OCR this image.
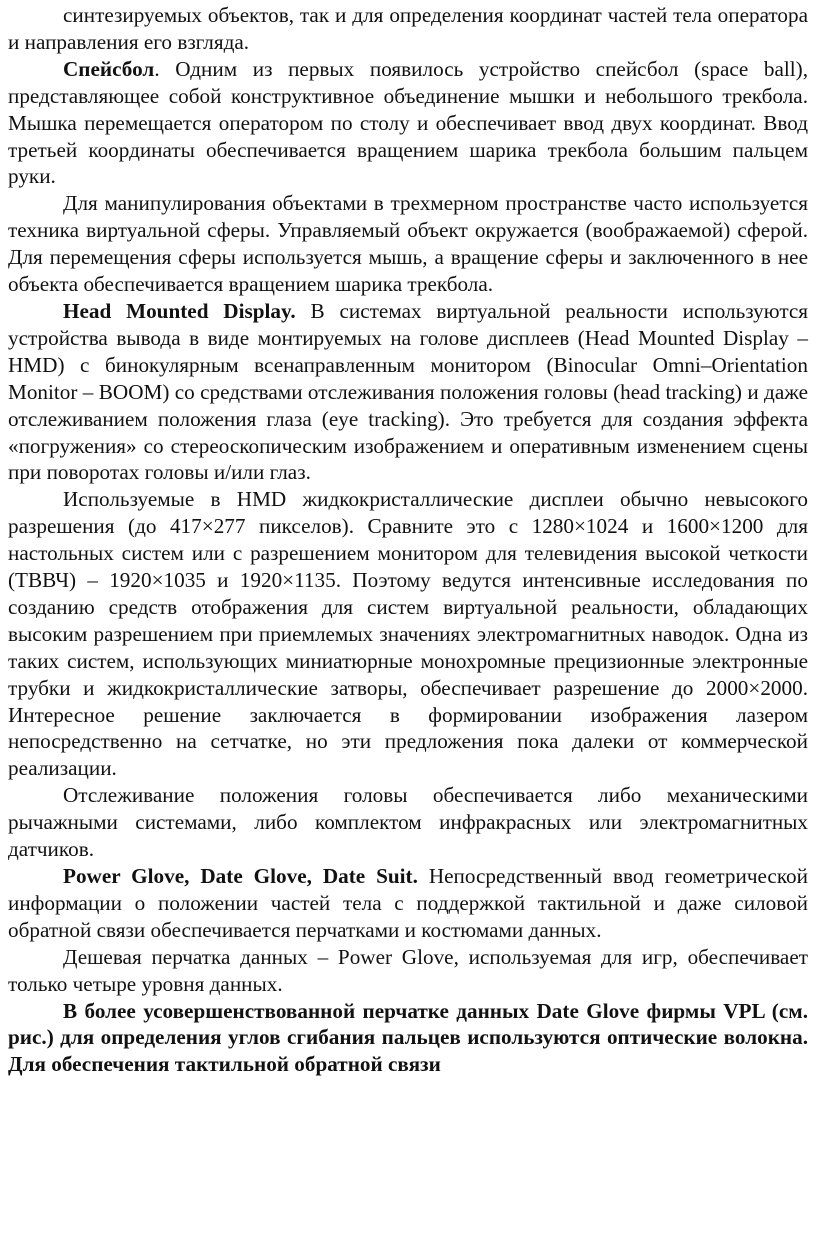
синтезируемых объектов, так и для определения координат частей тела оператора и направления его взгляда.

Спейсбол. Одним из первых появилось устройство спейсбол (space ball), представляющее собой конструктивное объединение мышки и небольшого трекбола. Мышка перемещается оператором по столу и обеспечивает ввод двух координат. Ввод третьей координаты обеспечивается вращением шарика трекбола большим пальцем руки.

Для манипулирования объектами в трехмерном пространстве часто используется техника виртуальной сферы. Управляемый объект окружается (воображаемой) сферой. Для перемещения сферы используется мышь, а вращение сферы и заключенного в нее объекта обеспечивается вращением шарика трекбола.

Head Mounted Display. В системах виртуальной реальности используются устройства вывода в виде монтируемых на голове дисплеев (Head Mounted Display – HMD) с бинокулярным всенаправленным монитором (Binocular Omni–Orientation Monitor – BOOM) со средствами отслеживания положения головы (head tracking) и даже отслеживанием положения глаза (eye tracking). Это требуется для создания эффекта «погружения» со стереоскопическим изображением и оперативным изменением сцены при поворотах головы и/или глаз.

Используемые в HMD жидкокристаллические дисплеи обычно невысокого разрешения (до 417×277 пикселов). Сравните это с 1280×1024 и 1600×1200 для настольных систем или с разрешением монитором для телевидения высокой четкости (ТВВЧ) – 1920×1035 и 1920×1135. Поэтому ведутся интенсивные исследования по созданию средств отображения для систем виртуальной реальности, обладающих высоким разрешением при приемлемых значениях электромагнитных наводок. Одна из таких систем, использующих миниатюрные монохромные прецизионные электронные трубки и жидкокристаллические затворы, обеспечивает разрешение до 2000×2000. Интересное решение заключается в формировании изображения лазером непосредственно на сетчатке, но эти предложения пока далеки от коммерческой реализации.

Отслеживание положения головы обеспечивается либо механическими рычажными системами, либо комплектом инфракрасных или электромагнитных датчиков.

Power Glove, Date Glove, Date Suit. Непосредственный ввод геометрической информации о положении частей тела с поддержкой тактильной и даже силовой обратной связи обеспечивается перчатками и костюмами данных.

Дешевая перчатка данных – Power Glove, используемая для игр, обеспечивает только четыре уровня данных.

В более усовершенствованной перчатке данных Date Glove фирмы VPL (см. рис.) для определения углов сгибания пальцев используются оптические волокна. Для обеспечения тактильной обратной связи
